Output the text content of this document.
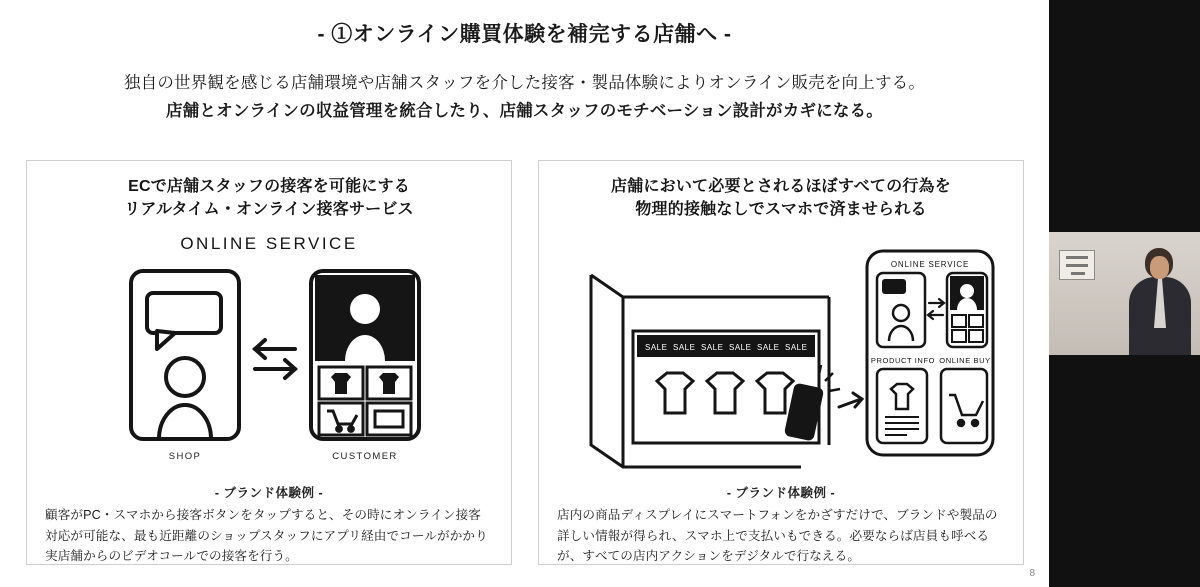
- ①オンライン購買体験を補完する店舗へ -
独自の世界観を感じる店舗環境や店舗スタッフを介した接客・製品体験によりオンライン販売を向上する。
店舗とオンラインの収益管理を統合したり、店舗スタッフのモチベーション設計がカギになる。
ECで店舗スタッフの接客を可能にする
リアルタイム・オンライン接客サービス
ONLINE SERVICE
SHOP	CUSTOMER
- ブランド体験例 -
顧客がPC・スマホから接客ボタンをタップすると、その時にオンライン接客対応が可能な、最も近距離のショップスタッフにアプリ経由でコールがかかり実店舗からのビデオコールでの接客を行う。
店舗において必要とされるほぼすべての行為を
物理的接触なしでスマホで済ませられる
SALE SALE SALE SALE SALE SALE
ONLINE SERVICE
PRODUCT INFO ONLINE BUY
- ブランド体験例 -
店内の商品ディスプレイにスマートフォンをかざすだけで、ブランドや製品の詳しい情報が得られ、スマホ上で支払いもできる。必要ならば店員も呼べるが、すべての店内アクションをデジタルで行なえる。
8
